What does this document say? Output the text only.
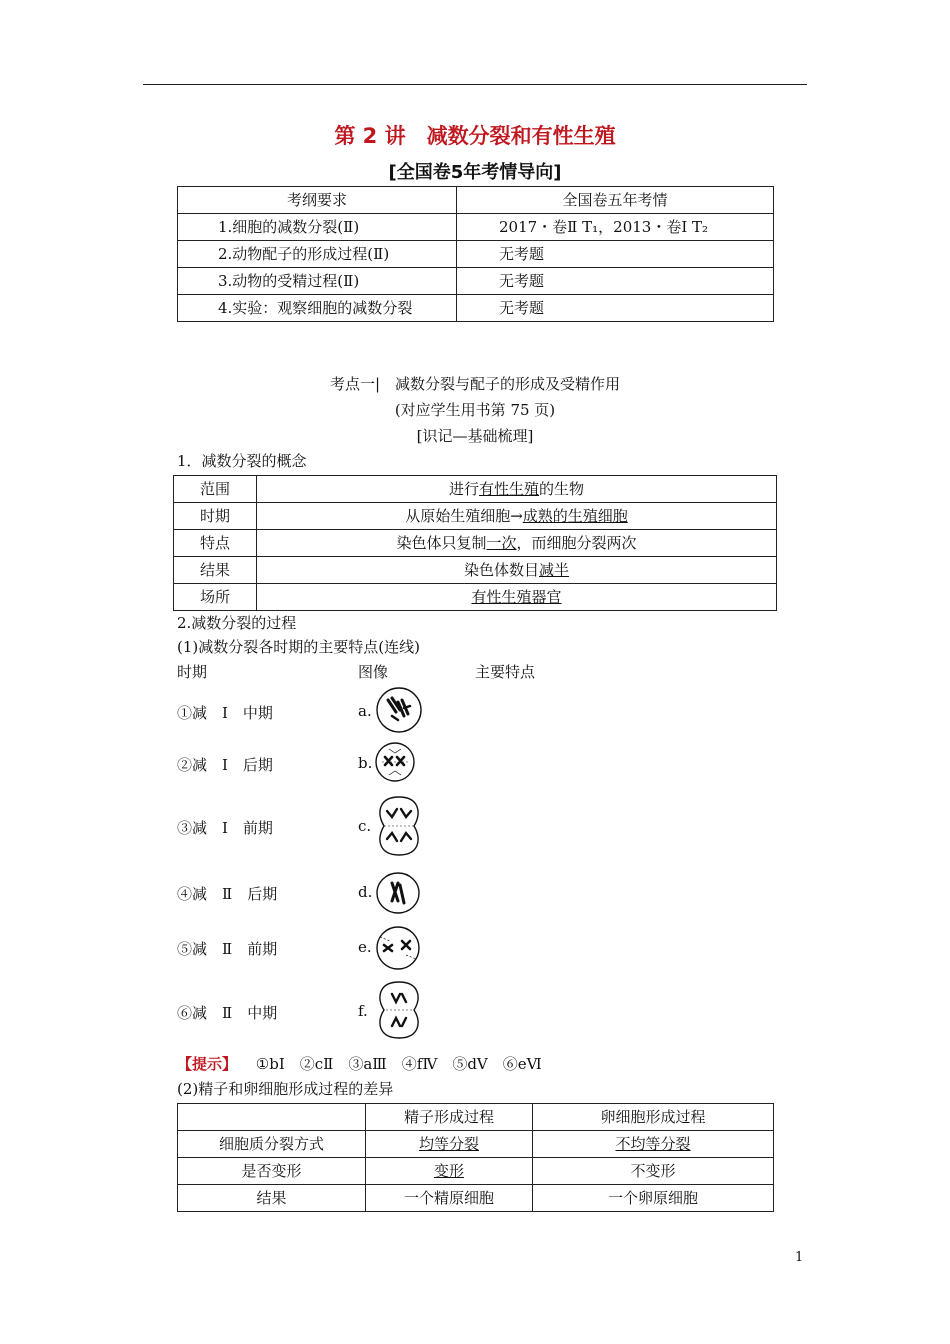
第 2 讲　减数分裂和有性生殖
[全国卷5年考情导向]
考纲要求	全国卷五年考情
1.细胞的减数分裂(Ⅱ)	2017・卷Ⅱ T₁，2013・卷Ⅰ T₂
2.动物配子的形成过程(Ⅱ)	无考题
3.动物的受精过程(Ⅱ)	无考题
4.实验：观察细胞的减数分裂	无考题
考点一|　减数分裂与配子的形成及受精作用
(对应学生用书第 75 页)
[识记—基础梳理]
1．减数分裂的概念
范围	进行有性生殖的生物
时期	从原始生殖细胞→成熟的生殖细胞
特点	染色体只复制一次，而细胞分裂两次
结果	染色体数目减半
场所	有性生殖器官
2.减数分裂的过程
(1)减数分裂各时期的主要特点(连线)
时期	图像	主要特点
①减　Ⅰ　中期	a.
②减　Ⅰ　后期	b.
③减　Ⅰ　前期	c.
④减　Ⅱ　后期	d.
⑤减　Ⅱ　前期	e.
⑥减　Ⅱ　中期	f.
【提示】 ①bⅠ　②cⅡ　③aⅢ　④fⅣ　⑤dⅤ　⑥eⅥ
(2)精子和卵细胞形成过程的差异
	精子形成过程	卵细胞形成过程
细胞质分裂方式	均等分裂	不均等分裂
是否变形	变形	不变形
结果	一个精原细胞	一个卵原细胞
1
